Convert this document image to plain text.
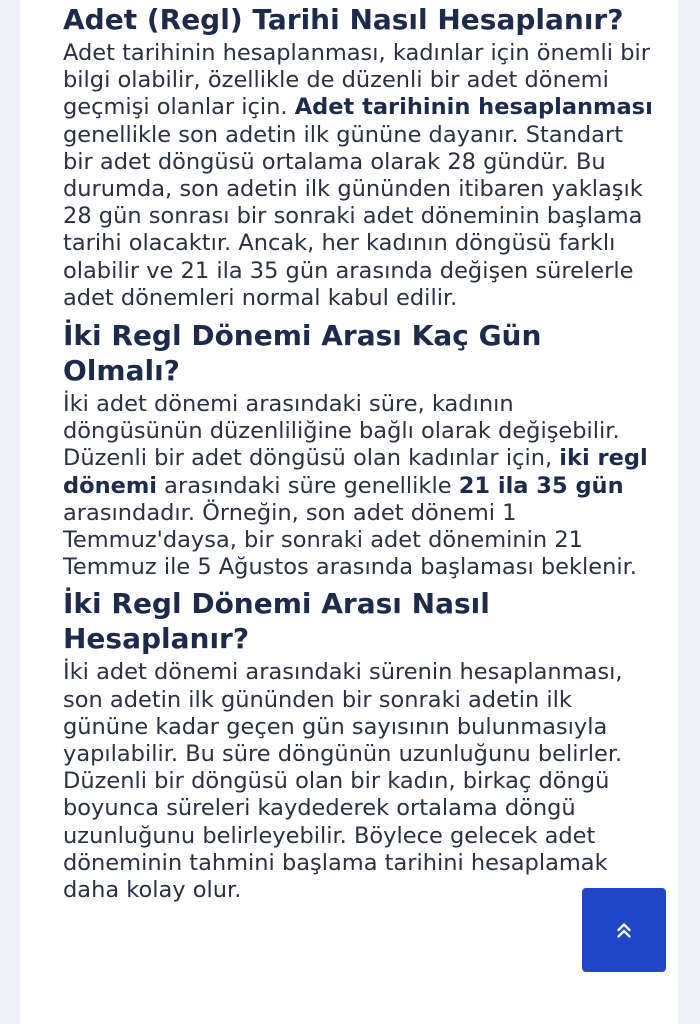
Adet (Regl) Tarihi Nasıl Hesaplanır?

Adet tarihinin hesaplanması, kadınlar için önemli bir bilgi olabilir, özellikle de düzenli bir adet dönemi geçmişi olanlar için. Adet tarihinin hesaplanması genellikle son adetin ilk gününe dayanır. Standart bir adet döngüsü ortalama olarak 28 gündür. Bu durumda, son adetin ilk gününden itibaren yaklaşık 28 gün sonrası bir sonraki adet döneminin başlama tarihi olacaktır. Ancak, her kadının döngüsü farklı olabilir ve 21 ila 35 gün arasında değişen sürelerle adet dönemleri normal kabul edilir.

İki Regl Dönemi Arası Kaç Gün Olmalı?

İki adet dönemi arasındaki süre, kadının döngüsünün düzenliliğine bağlı olarak değişebilir. Düzenli bir adet döngüsü olan kadınlar için, iki regl dönemi arasındaki süre genellikle 21 ila 35 gün arasındadır. Örneğin, son adet dönemi 1 Temmuz'daysa, bir sonraki adet döneminin 21 Temmuz ile 5 Ağustos arasında başlaması beklenir.

İki Regl Dönemi Arası Nasıl Hesaplanır?

İki adet dönemi arasındaki sürenin hesaplanması, son adetin ilk gününden bir sonraki adetin ilk gününe kadar geçen gün sayısının bulunmasıyla yapılabilir. Bu süre döngünün uzunluğunu belirler. Düzenli bir döngüsü olan bir kadın, birkaç döngü boyunca süreleri kaydederek ortalama döngü uzunluğunu belirleyebilir. Böylece gelecek adet döneminin tahmini başlama tarihini hesaplamak daha kolay olur.
